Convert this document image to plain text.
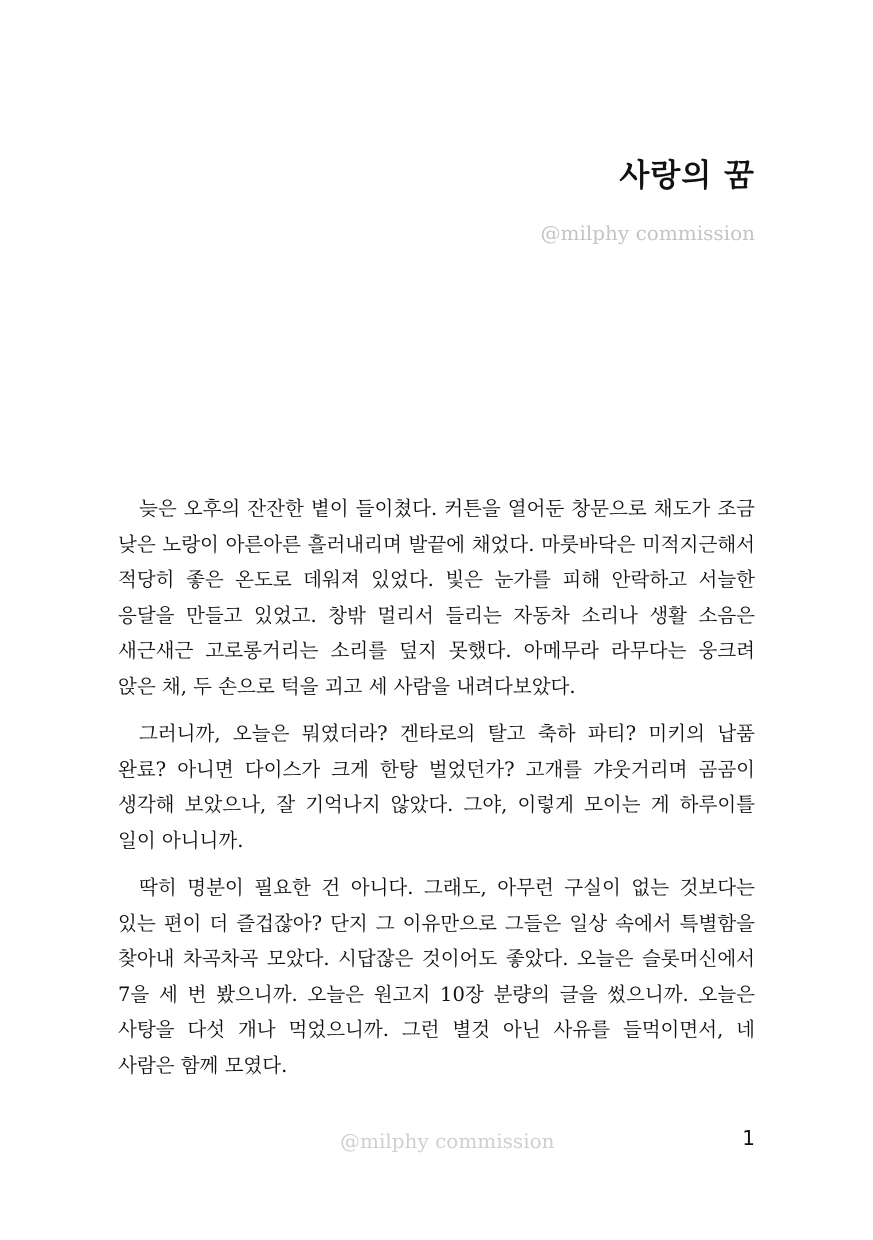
사랑의 꿈
@milphy commission

늦은 오후의 잔잔한 볕이 들이쳤다. 커튼을 열어둔 창문으로 채도가 조금 낮은 노랑이 아른아른 흘러내리며 발끝에 채었다. 마룻바닥은 미적지근해서 적당히 좋은 온도로 데워져 있었다. 빛은 눈가를 피해 안락하고 서늘한 응달을 만들고 있었고. 창밖 멀리서 들리는 자동차 소리나 생활 소음은 새근새근 고로롱거리는 소리를 덮지 못했다. 아메무라 라무다는 웅크려 앉은 채, 두 손으로 턱을 괴고 세 사람을 내려다보았다.

그러니까, 오늘은 뭐였더라? 겐타로의 탈고 축하 파티? 미키의 납품 완료? 아니면 다이스가 크게 한탕 벌었던가? 고개를 갸웃거리며 곰곰이 생각해 보았으나, 잘 기억나지 않았다. 그야, 이렇게 모이는 게 하루이틀 일이 아니니까.

딱히 명분이 필요한 건 아니다. 그래도, 아무런 구실이 없는 것보다는 있는 편이 더 즐겁잖아? 단지 그 이유만으로 그들은 일상 속에서 특별함을 찾아내 차곡차곡 모았다. 시답잖은 것이어도 좋았다. 오늘은 슬롯머신에서 7을 세 번 봤으니까. 오늘은 원고지 10장 분량의 글을 썼으니까. 오늘은 사탕을 다섯 개나 먹었으니까. 그런 별것 아닌 사유를 들먹이면서, 네 사람은 함께 모였다.

@milphy commission	1
